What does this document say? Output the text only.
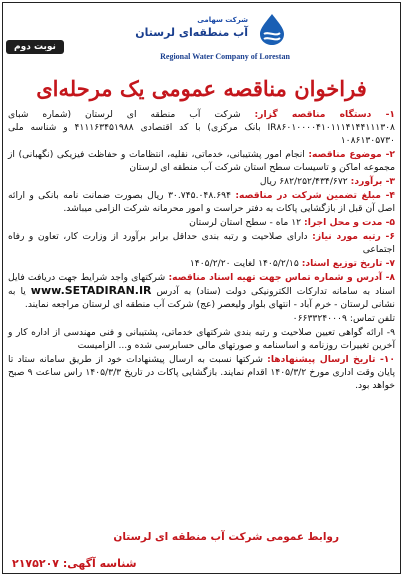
نوبت دوم
شرکت سهامی
آب منطقه‌ای لرستان
Regional Water Company of Lorestan
فراخوان مناقصه عمومی یک مرحله‌ای

۱- دستگاه مناقصه گزار: شرکت آب منطقه ای لرستان (شماره شبای IR۸۶۰۱۰۰۰۰۴۱۰۱۱۱۴۱۴۴۱۱۱۳۰۸ بانک مرکزی) با کد اقتصادی ۴۱۱۱۶۳۴۵۱۹۸۸ و شناسه ملی ۱۰۸۶۱۳۰۵۷۳۰

۲- موضوع مناقصه: انجام امور پشتیبانی، خدماتی، نقلیه، انتظامات و حفاظت فیزیکی (نگهبانی) از مجموعه اماکن و تاسیسات سطح استان شرکت آب منطقه ای لرستان

۳- برآورد: ۶۸۲/۲۵۲/۴۳۴/۶۷۲ ریال

۴- مبلغ تضمین شرکت در مناقصه: ۳۰.۷۴۵.۰۴۸.۶۹۴ ریال بصورت ضمانت نامه بانکی و ارائه اصل آن قبل از بازگشایی پاکات به دفتر حراست و امور محرمانه شرکت الزامی میباشد.

۵- مدت و محل اجرا: ۱۲ ماه - سطح استان لرستان

۶- رتبه مورد نیاز: دارای صلاحیت و رتبه بندی حداقل برابر برآورد از وزارت کار، تعاون و رفاه اجتماعی

۷- تاریخ توزیع اسناد: ۱۴۰۵/۲/۱۵ لغایت ۱۴۰۵/۲/۲۰

۸- آدرس و شماره تماس جهت تهیه اسناد مناقصه: شرکتهای واجد شرایط جهت دریافت فایل اسناد به سامانه تدارکات الکترونیکی دولت (ستاد) به آدرس www.SETADIRAN.IR یا به نشانی لرستان - خرم آباد - انتهای بلوار ولیعصر (عج) شرکت آب منطقه ای لرستان مراجعه نمایند.

تلفن تماس: ۰۶۶۳۳۲۴۰۰۰۹

۹- ارائه گواهی تعیین صلاحیت و رتبه بندی شرکتهای خدماتی، پشتیبانی و فنی مهندسی از اداره کار و آخرین تغییرات روزنامه و اساسنامه و صورتهای مالی حسابرسی شده و... الزامیست

۱۰- تاریخ ارسال پیشنهادها: شرکتها نسبت به ارسال پیشنهادات خود از طریق سامانه ستاد تا پایان وقت اداری مورخ ۱۴۰۵/۳/۲ اقدام نمایند. بازگشایی پاکات در تاریخ ۱۴۰۵/۳/۳ راس ساعت ۹ صبح خواهد بود.

روابط عمومی شرکت آب منطقه ای لرستان
شناسه آگهی: ۲۱۷۵۲۰۷
